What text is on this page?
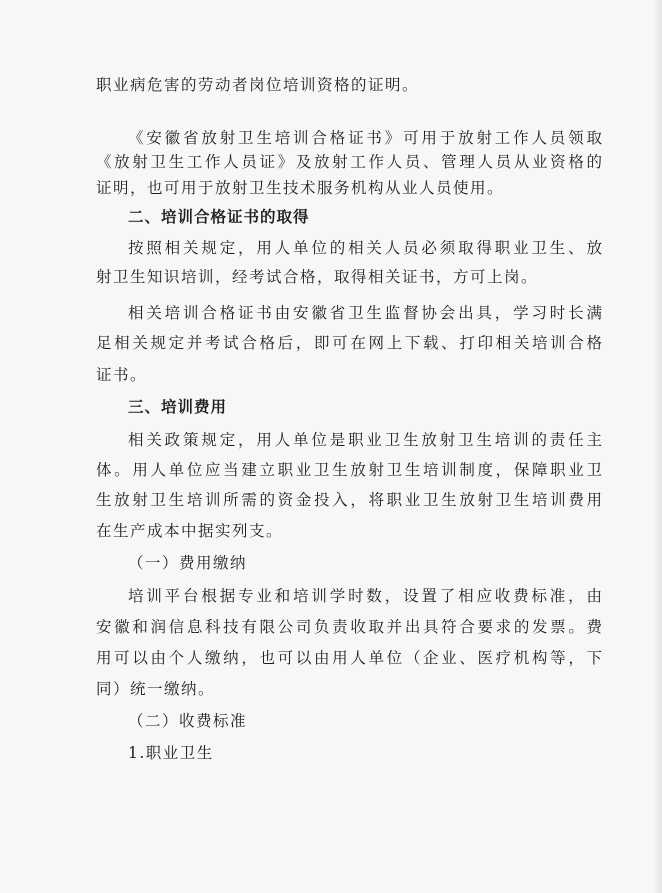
职业病危害的劳动者岗位培训资格的证明。
《安徽省放射卫生培训合格证书》可用于放射工作人员领取
《放射卫生工作人员证》及放射工作人员、管理人员从业资格的
证明，也可用于放射卫生技术服务机构从业人员使用。
二、培训合格证书的取得
按照相关规定，用人单位的相关人员必须取得职业卫生、放
射卫生知识培训，经考试合格，取得相关证书，方可上岗。
相关培训合格证书由安徽省卫生监督协会出具，学习时长满
足相关规定并考试合格后，即可在网上下载、打印相关培训合格
证书。
三、培训费用
相关政策规定，用人单位是职业卫生放射卫生培训的责任主
体。用人单位应当建立职业卫生放射卫生培训制度，保障职业卫
生放射卫生培训所需的资金投入，将职业卫生放射卫生培训费用
在生产成本中据实列支。
（一）费用缴纳
培训平台根据专业和培训学时数，设置了相应收费标准，由
安徽和润信息科技有限公司负责收取并出具符合要求的发票。费
用可以由个人缴纳，也可以由用人单位（企业、医疗机构等，下
同）统一缴纳。
（二）收费标准
1.职业卫生
